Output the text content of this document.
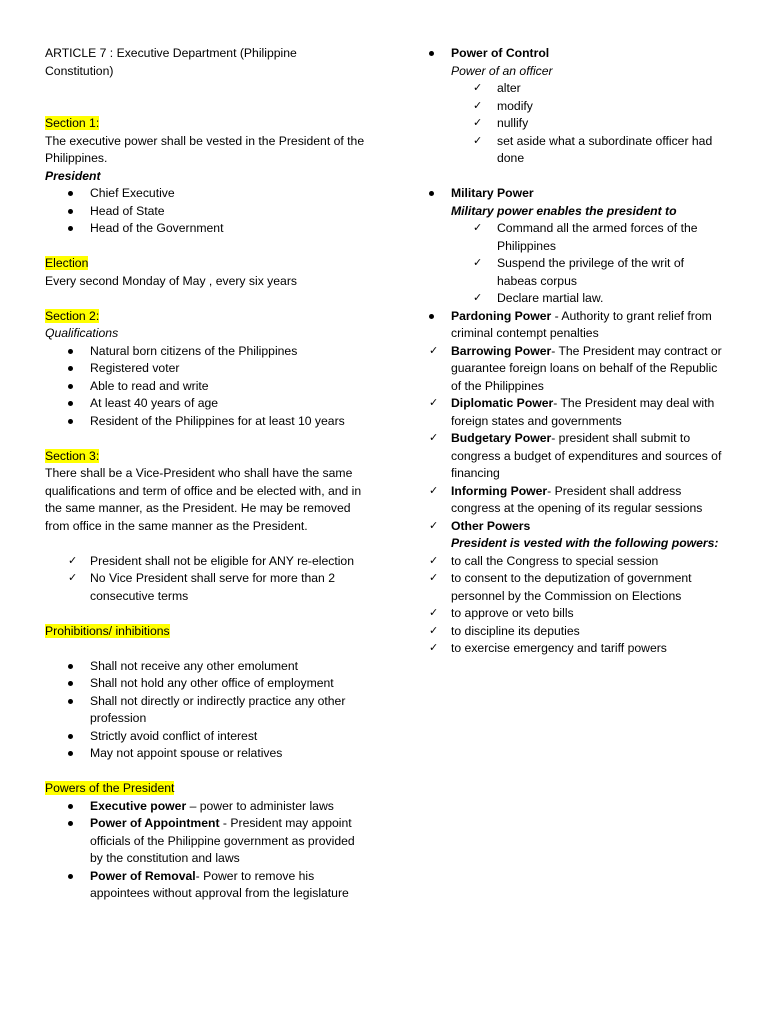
ARTICLE 7 : Executive Department (Philippine
Constitution)

Section 1:

The executive power shall be vested in the President of the Philippines.

President

Chief Executive
Head of State
Head of the Government

Election

Every second Monday of May , every six years

Section 2:

Qualifications

Natural born citizens of the Philippines
Registered voter
Able to read and write
At least 40 years of age
Resident of the Philippines for at least 10 years

Section 3:

There shall be a Vice-President who shall have the same qualifications and term of office and be elected with, and in the same manner, as the President. He may be removed from office in the same manner as the President.

✓ President shall not be eligible for ANY re-election
✓ No Vice President shall serve for more than 2 consecutive terms

Prohibitions/ inhibitions

Shall not receive any other emolument
Shall not hold any other office of employment
Shall not directly or indirectly practice any other profession
Strictly avoid conflict of interest
May not appoint spouse or relatives

Powers of the President

Executive power – power to administer laws
Power of Appointment - President may appoint officials of the Philippine government as provided by the constitution and laws
Power of Removal- Power to remove his appointees without approval from the legislature
Power of Control
Power of an officer
✓ alter
✓ modify
✓ nullify
✓ set aside what a subordinate officer had done
Military Power
Military power enables the president to
✓ Command all the armed forces of the Philippines
✓ Suspend the privilege of the writ of habeas corpus
✓ Declare martial law.
Pardoning Power - Authority to grant relief from criminal contempt penalties
✓ Barrowing Power- The President may contract or guarantee foreign loans on behalf of the Republic of the Philippines
✓ Diplomatic Power- The President may deal with foreign states and governments
✓ Budgetary Power- president shall submit to congress a budget of expenditures and sources of financing
✓ Informing Power- President shall address congress at the opening of its regular sessions
✓ Other Powers
President is vested with the following powers:
✓ to call the Congress to special session
✓ to consent to the deputization of government personnel by the Commission on Elections
✓ to approve or veto bills
✓ to discipline its deputies
✓ to exercise emergency and tariff powers
